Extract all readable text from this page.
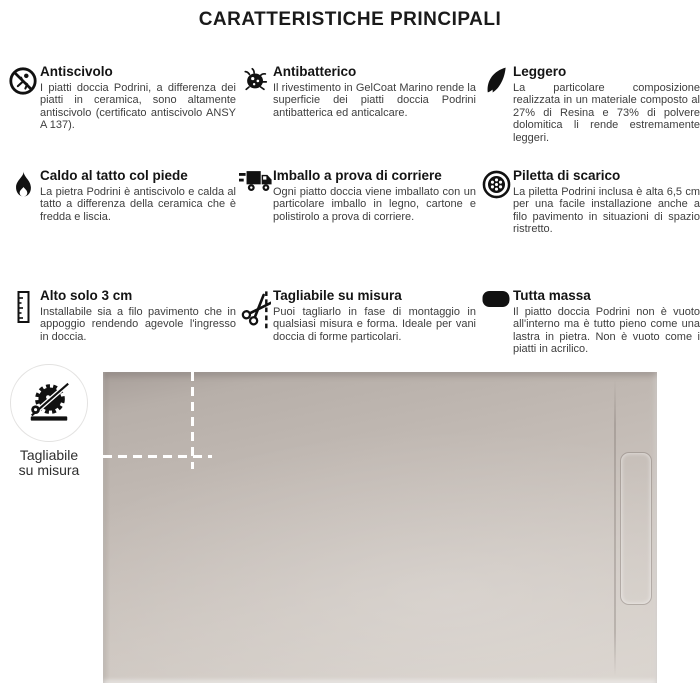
CARATTERISTICHE PRINCIPALI
Antiscivolo

I piatti doccia Podrini, a differenza dei piatti in ceramica, sono altamente antiscivolo (certificato antiscivolo ANSY A 137).

Antibatterico

Il rivestimento in GelCoat Marino rende la superficie dei piatti doccia Podrini antibatterica ed anticalcare.

Leggero

La particolare composizione realizzata in un materiale composto al 27% di Resina e 73% di polvere dolomitica li rende estremamente leggeri.

Caldo al tatto col piede

La pietra Podrini è antiscivolo e calda al tatto a differenza della ceramica che è fredda e liscia.

Imballo a prova di corriere

Ogni piatto doccia viene imballato con un particolare imballo in legno, cartone e polistirolo a prova di corriere.

Piletta di scarico

La piletta Podrini inclusa è alta 6,5 cm per una facile installazione anche a filo pavimento in situazioni di spazio ristretto.

Alto solo 3 cm

Installabile sia a filo pavimento che in appoggio rendendo agevole l'ingresso in doccia.

Tagliabile su misura

Puoi tagliarlo in fase di montaggio in qualsiasi misura e forma. Ideale per vani doccia di forme particolari.

Tutta massa

Il piatto doccia Podrini non è vuoto all'interno ma è tutto pieno come una lastra in pietra. Non è vuoto come i piatti in acrilico.

Tagliabile
su misura
